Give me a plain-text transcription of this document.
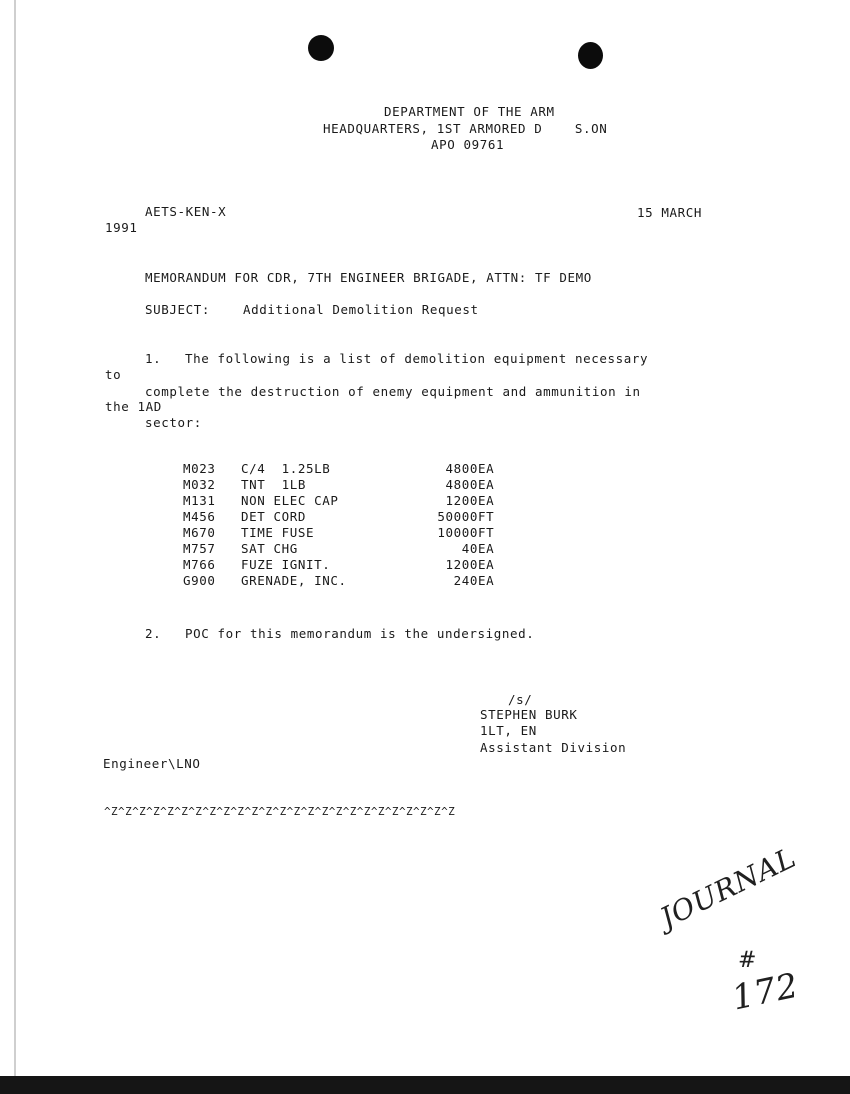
DEPARTMENT OF THE ARM
HEADQUARTERS, 1ST ARMORED D    S.ON
APO 09761
AETS-KEN-X	15 MARCH
1991
MEMORANDUM FOR CDR, 7TH ENGINEER BRIGADE, ATTN: TF DEMO
SUBJECT:	Additional Demolition Request
1. The following is a list of demolition equipment necessary
to
complete the destruction of enemy equipment and ammunition in
the 1AD
sector:
M023	C/4  1.25LB	4800	EA
M032	TNT  1LB	4800	EA
M131	NON ELEC CAP	1200	EA
M456	DET CORD	50000	FT
M670	TIME FUSE	10000	FT
M757	SAT CHG	40	EA
M766	FUZE IGNIT.	1200	EA
G900	GRENADE, INC.	240	EA
2. POC for this memorandum is the undersigned.
/s/
STEPHEN BURK
1LT, EN
Assistant Division
Engineer\LNO
^Z^Z^Z^Z^Z^Z^Z^Z^Z^Z^Z^Z^Z^Z^Z^Z^Z^Z^Z^Z^Z^Z^Z^Z^Z
JOURNAL
#
172
